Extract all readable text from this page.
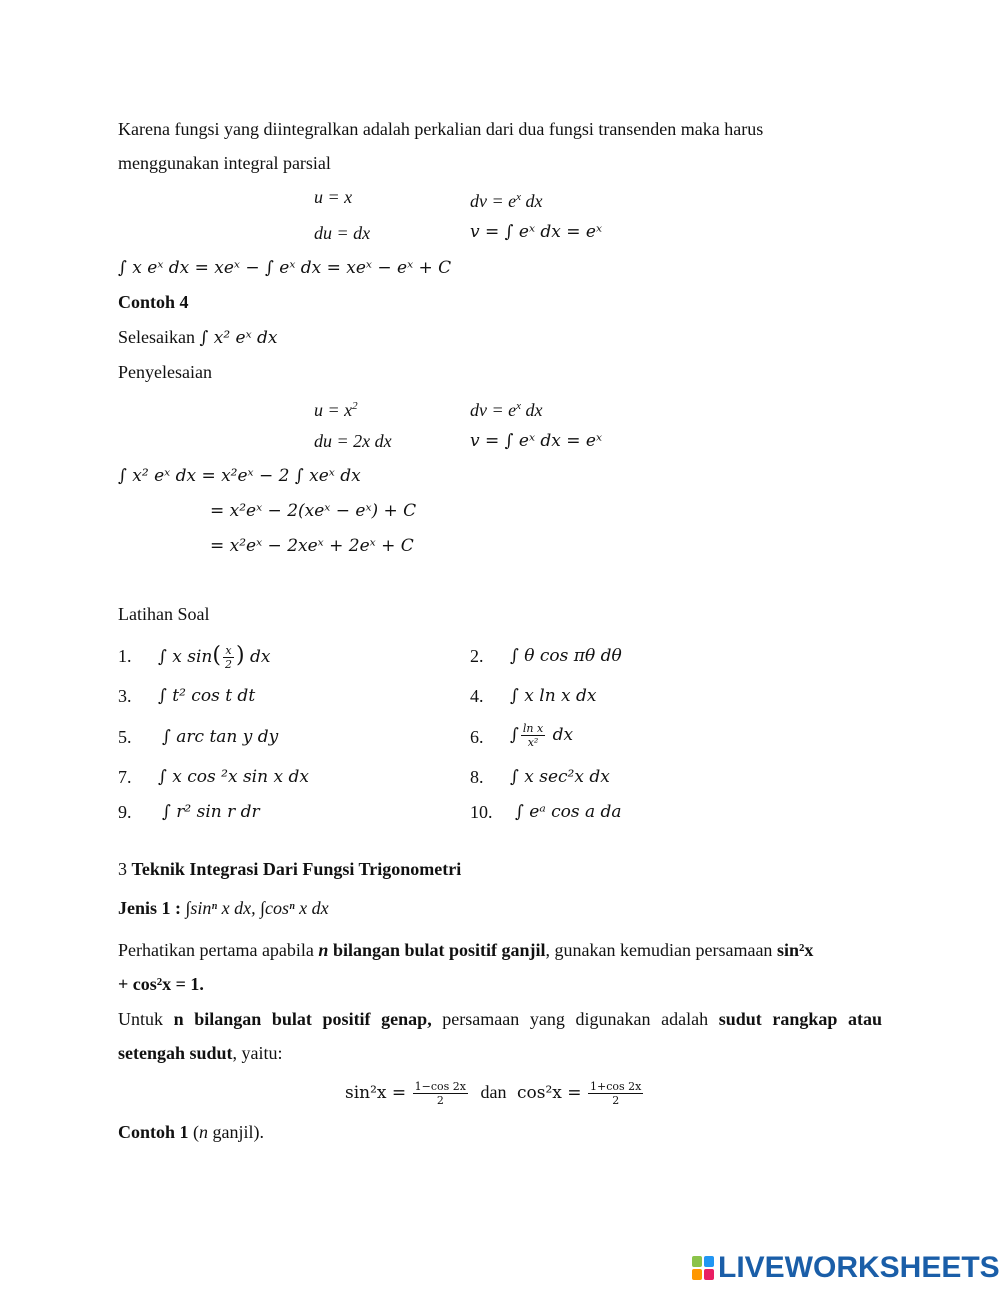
Karena fungsi yang diintegralkan adalah perkalian dari dua fungsi transenden maka harus
menggunakan integral parsial
u = x	dv = $e^x$ dx
du = dx	v = ∫ eˣ dx = eˣ
∫ x eˣ dx = xeˣ − ∫ eˣ dx = xeˣ − eˣ + C
Contoh 4
Selesaikan ∫ x² eˣ dx
Penyelesaian
$u = x^2$	dv = $e^x$ dx
du = 2x dx	v = ∫ eˣ dx = eˣ
∫ x² eˣ dx = x²eˣ − 2 ∫ xeˣ dx
= x²eˣ − 2(xeˣ − eˣ) + C
= x²eˣ − 2xeˣ + 2eˣ + C
Latihan Soal
1. ∫ x $\sin( \frac{x}{2}$ ) dx	2. ∫ θ cos πθ dθ
3. ∫ t² cos t dt	4. ∫ x ln x dx
5. ∫ arc tan y dy	6. ∫ $\frac{\text{ln x}}{\text{x²}}$ dx
7. ∫ x cos ²x sin x dx	8. ∫ x sec²x dx
9. ∫ r² sin r dr	10. ∫ eᵃ cos a da
3 Teknik Integrasi Dari Fungsi Trigonometri
Jenis 1 : ∫sinⁿ x dx, ∫cosⁿ x dx
Perhatikan pertama apabila n bilangan bulat positif ganjil, gunakan kemudian persamaan sin²x
+ cos²x = 1.
Untuk n bilangan bulat positif genap, persamaan yang digunakan adalah sudut rangkap atau
setengah sudut, yaitu:
$\sin^2x = \frac{1-\cos 2x}{2}$ dan $\cos^2x = \frac{1+\cos 2x}{2}$
Contoh 1 (n ganjil).
LIVEWORKSHEETS
